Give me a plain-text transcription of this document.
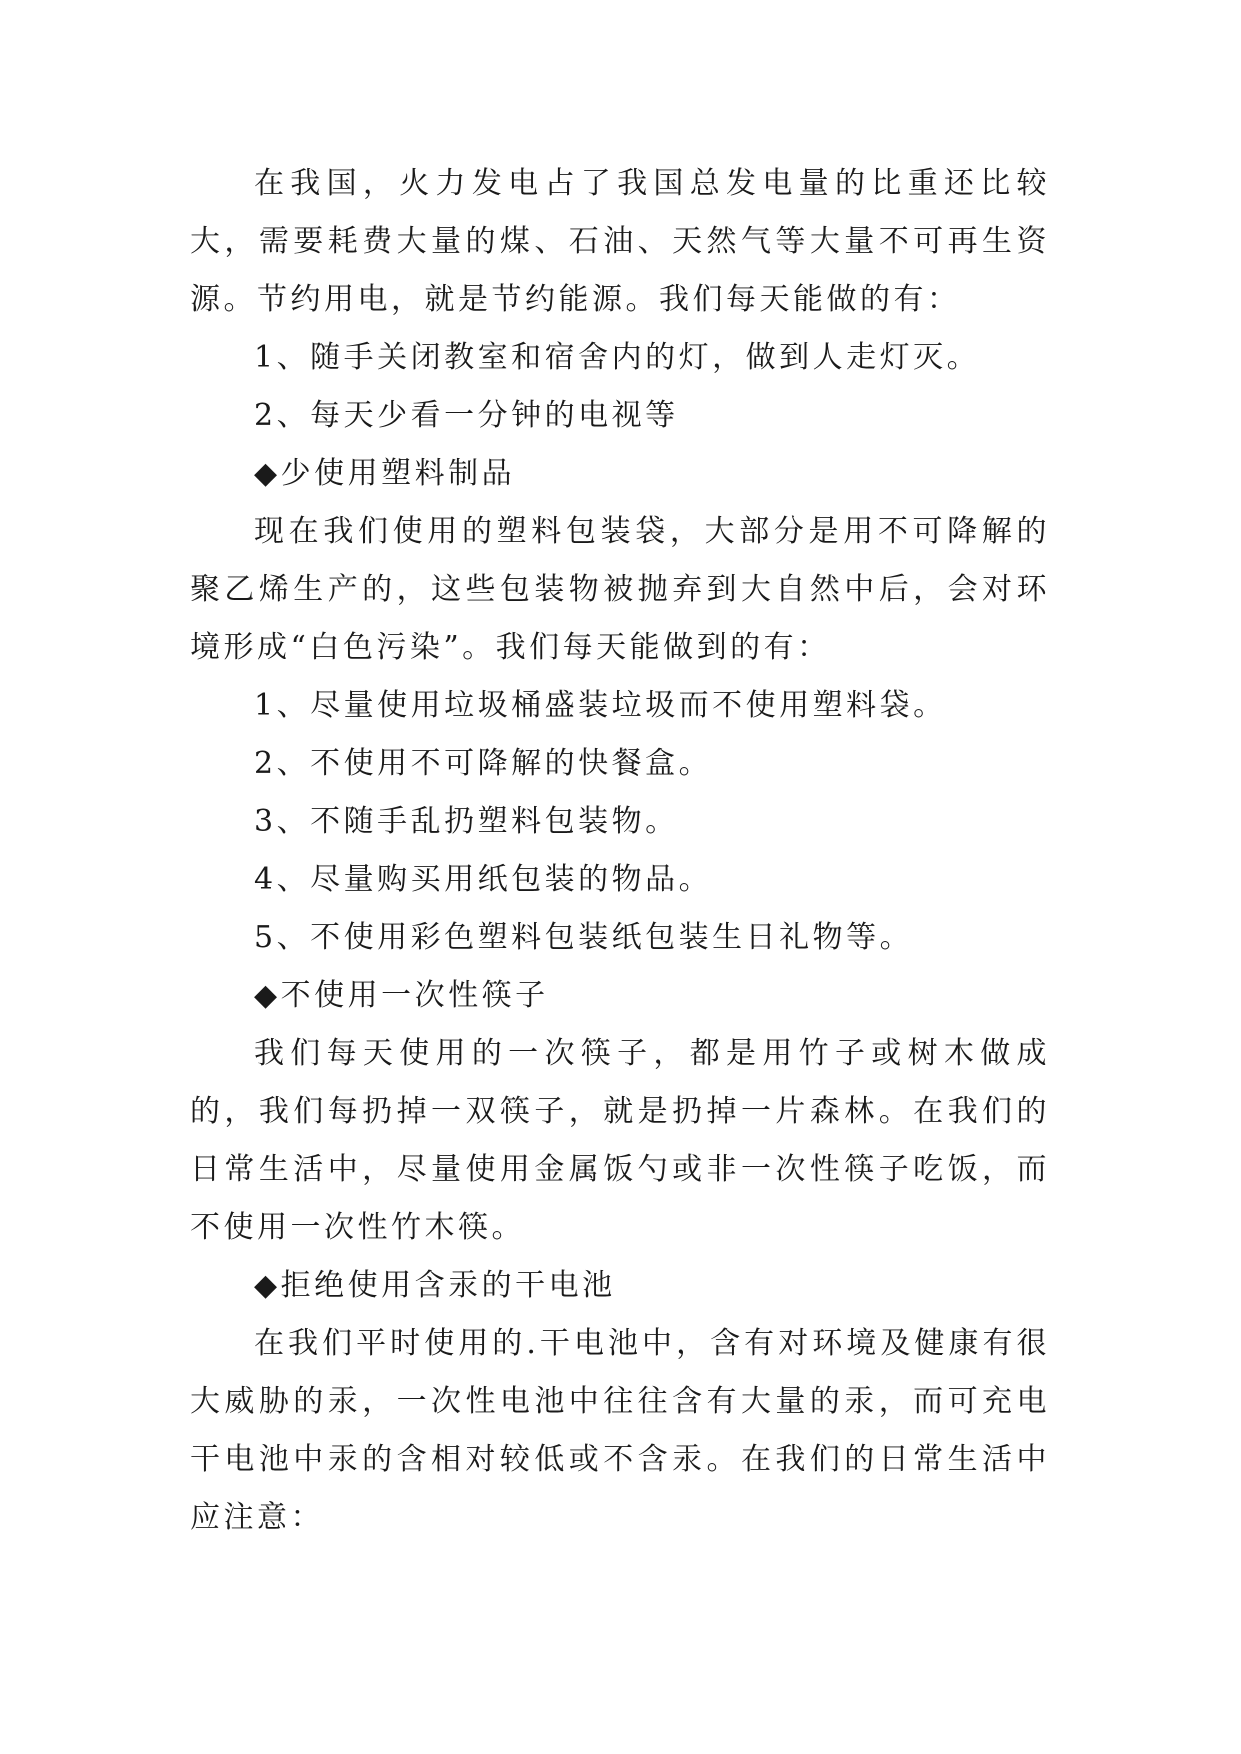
在我国，火力发电占了我国总发电量的比重还比较大，需要耗费大量的煤、石油、天然气等大量不可再生资源。节约用电，就是节约能源。我们每天能做的有：

1、随手关闭教室和宿舍内的灯，做到人走灯灭。

2、每天少看一分钟的电视等

◆少使用塑料制品

现在我们使用的塑料包装袋，大部分是用不可降解的聚乙烯生产的，这些包装物被抛弃到大自然中后，会对环境形成“白色污染”。我们每天能做到的有：

1、尽量使用垃圾桶盛装垃圾而不使用塑料袋。

2、不使用不可降解的快餐盒。

3、不随手乱扔塑料包装物。

4、尽量购买用纸包装的物品。

5、不使用彩色塑料包装纸包装生日礼物等。

◆不使用一次性筷子

我们每天使用的一次筷子，都是用竹子或树木做成的，我们每扔掉一双筷子，就是扔掉一片森林。在我们的日常生活中，尽量使用金属饭勺或非一次性筷子吃饭，而不使用一次性竹木筷。

◆拒绝使用含汞的干电池

在我们平时使用的.干电池中，含有对环境及健康有很大威胁的汞，一次性电池中往往含有大量的汞，而可充电干电池中汞的含相对较低或不含汞。在我们的日常生活中应注意：
